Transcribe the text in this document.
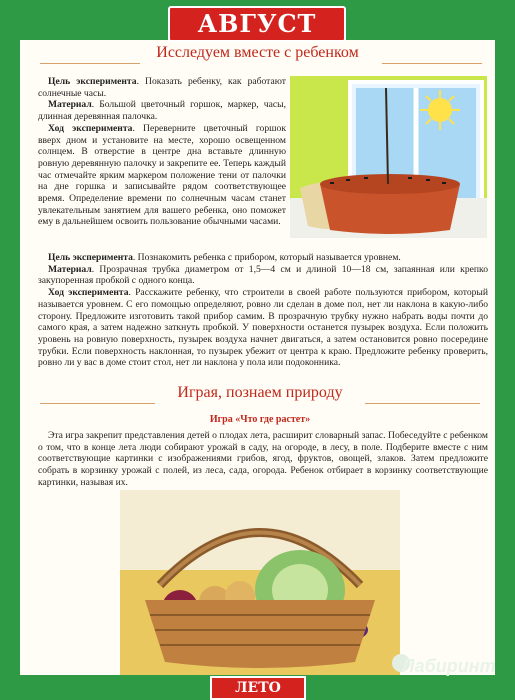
АВГУСТ
Исследуем вместе с ребенком

Цель эксперимента. Показать ребенку, как работают солнечные часы.

Материал. Большой цветочный горшок, маркер, часы, длинная деревянная палочка.

Ход эксперимента. Переверните цветочный горшок вверх дном и установите на месте, хорошо освещенном солнцем. В отверстие в центре дна вставьте длинную ровную деревянную палочку и закрепите ее. Теперь каждый час отмечайте ярким маркером положение тени от палочки на дне горшка и записывайте рядом соответствующее время. Определение времени по солнечным часам станет увлекательным занятием для вашего ребенка, оно поможет ему в дальнейшем освоить пользование обычными часами.

Цель эксперимента. Познакомить ребенка с прибором, который называется уровнем.

Материал. Прозрачная трубка диаметром от 1,5—4 см и длиной 10—18 см, запаянная или крепко закупоренная пробкой с одного конца.

Ход эксперимента. Расскажите ребенку, что строители в своей работе пользуются прибором, который называется уровнем. С его помощью определяют, ровно ли сделан в доме пол, нет ли наклона в какую-либо сторону. Предложите изготовить такой прибор самим. В прозрачную трубку нужно набрать воды почти до самого края, а затем надежно заткнуть пробкой. У поверхности останется пузырек воздуха. Если положить уровень на ровную поверхность, пузырек воздуха начнет двигаться, а затем остановится ровно посередине трубки. Если поверхность наклонная, то пузырек убежит от центра к краю. Предложите ребенку проверить, ровно ли у вас в доме стоит стол, нет ли наклона у пола или подоконника.

Играя, познаем природу
Игра «Что где растет»

Эта игра закрепит представления детей о плодах лета, расширит словарный запас. Побеседуйте с ребенком о том, что в конце лета люди собирают урожай в саду, на огороде, в лесу, в поле. Подберите вместе с ним соответствующие картинки с изображениями грибов, ягод, фруктов, овощей, злаков. Затем предложите собрать в корзинку урожай с полей, из леса, сада, огорода. Ребенок отбирает в корзинку соответствующие картинки, называя их.

ЛЕТО
Лабиринт
